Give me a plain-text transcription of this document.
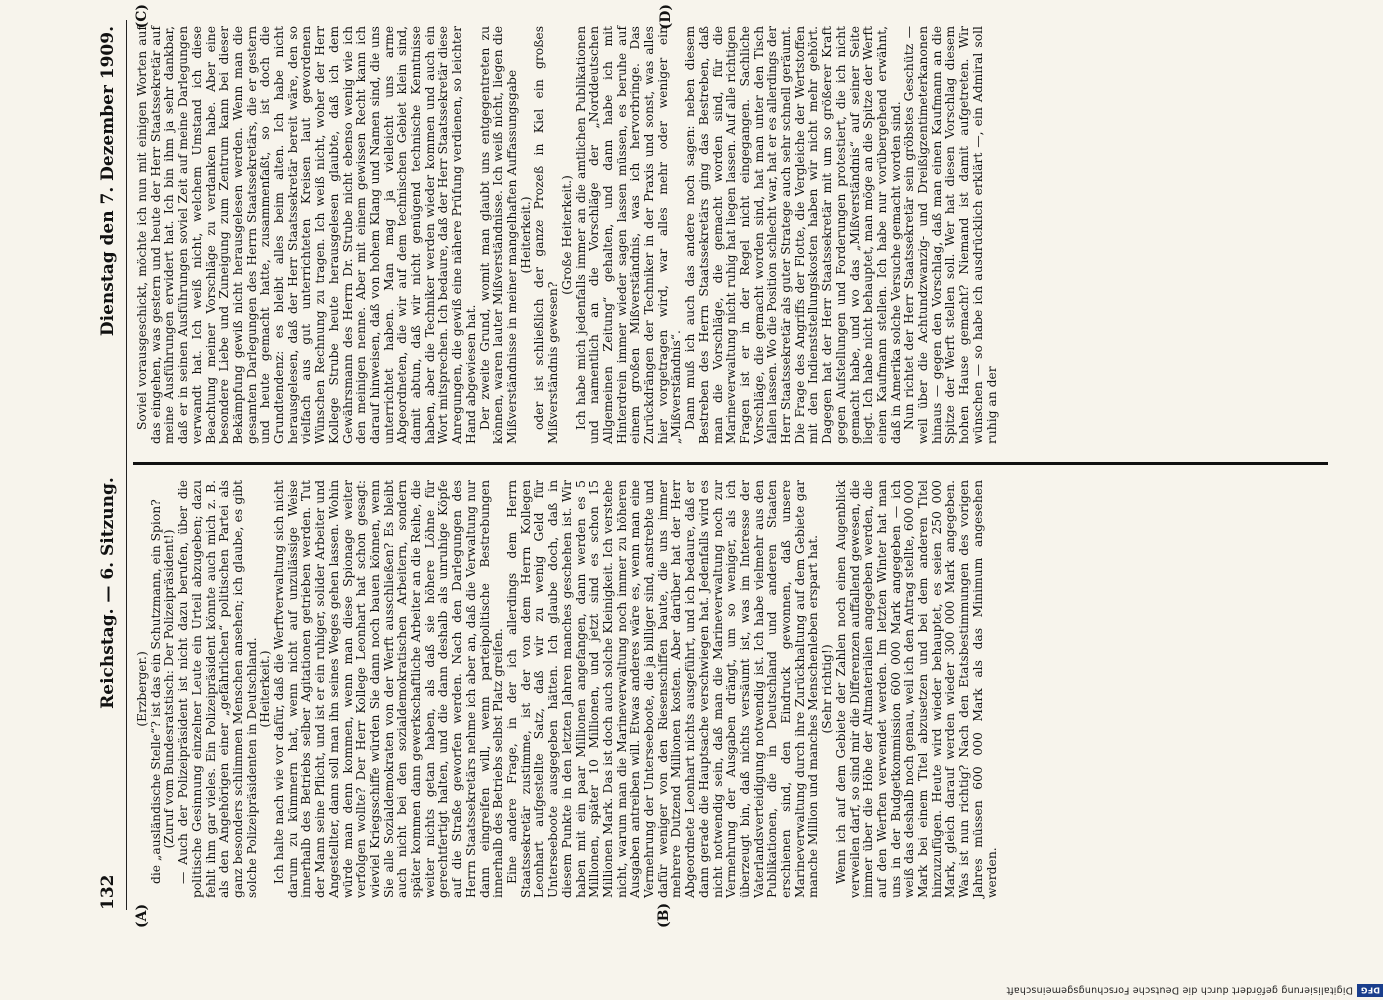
DFG
Digitalisierung gefördert durch die Deutsche Forschungsgemeinschaft
132
Reichstag. — 6. Sitzung.
Dienstag den 7. Dezember 1909.
(A)	(B)
(C)	(D)

(Erzberger.) die „ausländische Stelle“? ist das ein Schutzmann, ein Spion? (Zuruf vom Bundesratstisch: Der Polizeipräsident!) — Auch der Polizeipräsident ist nicht dazu berufen, über die politische Gesinnung einzelner Leute ein Urteil abzugeben; dazu fehlt ihm gar vieles. Ein Polizeipräsident könnte auch mich z. B. als den Angehörigen einer „gefährlichen“ politischen Partei als ganz besonders schlimmen Menschen ansehen; ich glaube, es gibt solche Polizeipräsidenten in Deutschland. (Heiterkeit.) Ich halte nach wie vor dafür, daß die Werftverwaltung sich nicht darum zu kümmern hat, wenn nicht auf unzulässige Weise innerhalb des Betriebs selber Agitationen getrieben werden. Tut der Mann seine Pflicht, und ist er ein ruhiger, solider Arbeiter und Angestellter, dann soll man ihn seines Weges gehen lassen. Wohin würde man denn kommen, wenn man diese Spionage weiter verfolgen wollte? Der Herr Kollege Leonhart hat schon gesagt: wieviel Kriegsschiffe würden Sie dann noch bauen können, wenn Sie alle Sozialdemokraten von der Werft ausschließen? Es bleibt auch nicht bei den sozialdemokratischen Arbeitern, sondern später kommen dann gewerkschaftliche Arbeiter an die Reihe, die weiter nichts getan haben, als daß sie höhere Löhne für gerechtfertigt halten, und die dann deshalb als unruhige Köpfe auf die Straße geworfen werden. Nach den Darlegungen des Herrn Staatssekretärs nehme ich aber an, daß die Verwaltung nur dann eingreifen will, wenn parteipolitische Bestrebungen innerhalb des Betriebs selbst Platz greifen. Eine andere Frage, in der ich allerdings dem Herrn Staatssekretär zustimme, ist der von dem Herrn Kollegen Leonhart aufgestellte Satz, daß wir zu wenig Geld für Unterseeboote ausgegeben hätten. Ich glaube doch, daß in diesem Punkte in den letzten Jahren manches geschehen ist. Wir haben mit ein paar Millionen angefangen, dann werden es 5 Millionen, später 10 Millionen, und jetzt sind es schon 15 Millionen Mark. Das ist doch auch solche Kleinigkeit. Ich verstehe nicht, warum man die Marineverwaltung noch immer zu höheren Ausgaben antreiben will. Etwas anderes wäre es, wenn man eine Vermehrung der Unterseeboote, die ja billiger sind, anstrebte und dafür weniger von den Riesenschiffen baute, die uns immer mehrere Dutzend Millionen kosten. Aber darüber hat der Herr Abgeordnete Leonhart nichts ausgeführt, und ich bedaure, daß er dann gerade die Hauptsache verschwiegen hat. Jedenfalls wird es nicht notwendig sein, daß man die Marineverwaltung noch zur Vermehrung der Ausgaben drängt, um so weniger, als ich überzeugt bin, daß nichts versäumt ist, was im Interesse der Vaterlandsverteidigung notwendig ist. Ich habe vielmehr aus den Publikationen, die in Deutschland und anderen Staaten erschienen sind, den Eindruck gewonnen, daß unsere Marineverwaltung durch ihre Zurückhaltung auf dem Gebiete gar manche Million und manches Menschenleben erspart hat. (Sehr richtig!) Wenn ich auf dem Gebiete der Zahlen noch einen Augenblick verweilen darf, so sind mir die Differenzen auffallend gewesen, die immer über die Höhe der Altmaterialien angegeben werden, die auf den Werften verwendet werden. Im letzten Winter hat man uns in der Budgetkommission 600 000 Mark angegeben — ich weiß das deshalb noch genau, weil ich den Antrag stellte, 600 000 Mark bei einem Titel abzusetzen und bei dem anderen Titel hinzuzufügen. Heute wird wieder behauptet, es seien 250 000 Mark, gleich darauf werden wieder 300 000 Mark angegeben. Was ist nun richtig? Nach den Etatsbestimmungen des vorigen Jahres müssen 600 000 Mark als das Minimum angesehen werden.

Soviel vorausgeschickt, möchte ich nun mit einigen Worten auf das eingehen, was gestern und heute der Herr Staatssekretär auf meine Ausführungen erwidert hat. Ich bin ihm ja sehr dankbar, daß er in seinen Ausführungen soviel Zeit auf meine Darlegungen verwandt hat. Ich weiß nicht, welchem Umstand ich diese Beachtung meiner Vorschläge zu verdanken habe. Aber eine besondere Liebe und Zuneigung zum Zentrum kann bei dieser Bekämpfung gewiß nicht herausgelesen werden. Wenn man die gesamten Darlegungen des Herrn Staatssekretärs, die er gestern und heute gemacht hatte, zusammenfaßt, so ist doch die Grundtendenz: es bleibt alles beim alten. Ich habe nicht herausgelesen, daß der Herr Staatssekretär bereit wäre, den so vielfach aus gut unterrichteten Kreisen laut gewordenen Wünschen Rechnung zu tragen. Ich weiß nicht, woher der Herr Kollege Strube heute herausgelesen glaubte, daß ich dem Gewährsmann des Herrn Dr. Strube nicht ebenso wenig wie ich den meinigen nenne. Aber mit einem gewissen Recht kann ich darauf hinweisen, daß von hohem Klang und Namen sind, die uns unterrichtet haben. Man mag ja vielleicht uns arme Abgeordneten, die wir auf dem technischen Gebiet klein sind, damit abtun, daß wir nicht genügend technische Kenntnisse haben, aber die Techniker werden wieder kommen und auch ein Wort mitsprechen. Ich bedaure, daß der Herr Staatssekretär diese Anregungen, die gewiß eine nähere Prüfung verdienen, so leichter Hand abgewiesen hat. Der zweite Grund, womit man glaubt uns entgegentreten zu können, waren lauter Mißverständnisse. Ich weiß nicht, liegen die Mißverständnisse in meiner mangelhaften Auffassungsgabe (Heiterkeit.) oder ist schließlich der ganze Prozeß in Kiel ein großes Mißverständnis gewesen?

(Große Heiterkeit.) Ich habe mich jedenfalls immer an die amtlichen Publikationen und namentlich an die Vorschläge der „Norddeutschen Allgemeinen Zeitung“ gehalten, und dann habe ich mit Hinterdrein immer wieder sagen lassen müssen, es beruhe auf einem großen Mißverständnis, was ich hervorbringe. Das Zurückdrängen der Techniker in der Praxis und sonst, was alles hier vorgetragen wird, war alles mehr oder weniger ein „Mißverständnis“. Dann muß ich auch das andere noch sagen: neben diesem Bestreben des Herrn Staatssekretärs ging das Bestreben, daß man die Vorschläge, die gemacht worden sind, für die Marineverwaltung nicht ruhig hat liegen lassen. Auf alle richtigen Fragen ist er in der Regel nicht eingegangen. Sachliche Vorschläge, die gemacht worden sind, hat man unter den Tisch fallen lassen. Wo die Position schlecht war, hat er es allerdings der Herr Staatssekretär als guter Stratege auch sehr schnell geräumt. Die Frage des Angriffs der Flotte, die Vergleiche der Wertstoffen mit den Indienststellungskosten haben wir nicht mehr gehört. Dagegen hat der Herr Staatssekretär mit um so größerer Kraft gegen Aufstellungen und Forderungen protestiert, die ich nicht gemacht habe, und wo das „Mißverständnis“ auf seiner Seite liegt. Ich habe nicht behauptet, man möge an die Spitze der Werft einen Kaufmann stellen. Ich habe nur vorübergehend erwähnt, daß in Amerika solche Versuche gemacht worden sind. Nun richtet der Herr Staatssekretär sein gröbstes Geschütz — weil über die Achtundzwanzig- und Dreißigzentimeterkanonen hinaus — gegen den Vorschlag, daß man einen Kaufmann an die Spitze der Werft stellen soll. Wer hat diesen Vorschlag diesem hohen Hause gemacht? Niemand ist damit aufgetreten. Wir wünschen — so habe ich ausdrücklich erklärt —, ein Admiral soll ruhig an der
